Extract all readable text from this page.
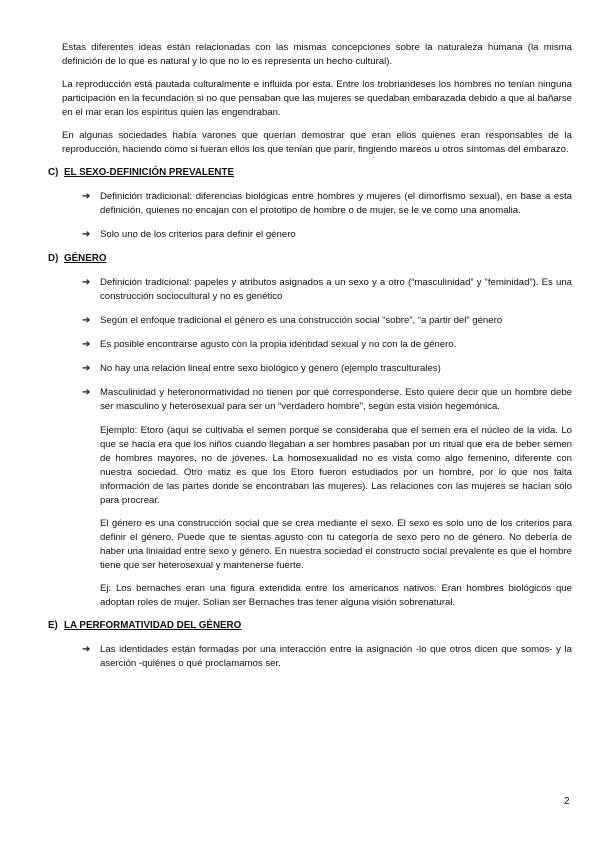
Estas diferentes ideas están relacionadas con las mismas concepciones sobre la naturaleza humana (la misma definición de lo que es natural y lo que no lo es representa un hecho cultural).

La reproducción está pautada culturalmente e influida por esta. Entre los trobriandeses los hombres no tenían ninguna participación en la fecundación si no que pensaban que las mujeres se quedaban embarazada debido a que al bañarse en el mar eran los espíritus quien las engendraban.

En algunas sociedades había varones que querían demostrar que eran ellos quienes eran responsables de la reproducción, haciendo como si fueran ellos los que tenían que parir, fingiendo mareos u otros síntomas del embarazo.

C) EL SEXO-DEFINICIÓN PREVALENTE
➔	Definición tradicional: diferencias biológicas entre hombres y mujeres (el dimorfismo sexual), en base a esta definición, quienes no encajan con el prototipo de hombre o de mujer, se le ve como una anomalia.

➔	Solo uno de los criterios para definir el género

D) GÉNERO
➔	Definición tradicional: papeles y atributos asignados a un sexo y a otro (“masculinidad” y “feminidad”). Es una construcción sociocultural y no es genético

➔	Según el enfoque tradicional el género es una construcción social “sobre”, “a partir del” género

➔	Es posible encontrarse agusto con la propia identidad sexual y no con la de género.

➔	No hay una relación lineal entre sexo biológico y género (ejemplo trasculturales)

➔	Masculinidad y heteronormatividad no tienen por qué corresponderse. Esto quiere decir que un hombre debe ser masculino y heterosexual para ser un “verdadero hombre”, según esta visión hegemónica.

Ejemplo: Etoro (aquí se cultivaba el semen porque se consideraba que el semen era el núcleo de la vida. Lo que se hacía era que los niños cuando llegaban a ser hombres pasaban por un ritual que era de beber semen de hombres mayores, no de jóvenes. La homosexualidad no es vista como algo femenino, diferente con nuestra sociedad. Otro matiz es que los Etoro fueron estudiados por un hombre, por lo que nos falta información de las partes donde se encontraban las mujeres). Las relaciones con las mujeres se hacían sólo para procrear.

El género es una construcción social que se crea mediante el sexo. El sexo es solo uno de los criterios para definir el género. Puede que te sientas agusto con tu categoría de sexo pero no de género. No debería de haber una liniaidad entre sexo y género. En nuestra sociedad el constructo social prevalente es que el hombre tiene que ser heterosexual y mantenerse fuerte.

Ej: Los bernaches eran una figura extendida entre los americanos nativos. Eran hombres biológicos que adoptan roles de mujer. Solían ser Bernaches tras tener alguna visión sobrenatural.

E) LA PERFORMATIVIDAD DEL GÉNERO
➔	Las identidades están formadas por una interacción entre la asignación -lo que otros dicen que somos- y la aserción -quiénes o qué proclamamos ser.

2
